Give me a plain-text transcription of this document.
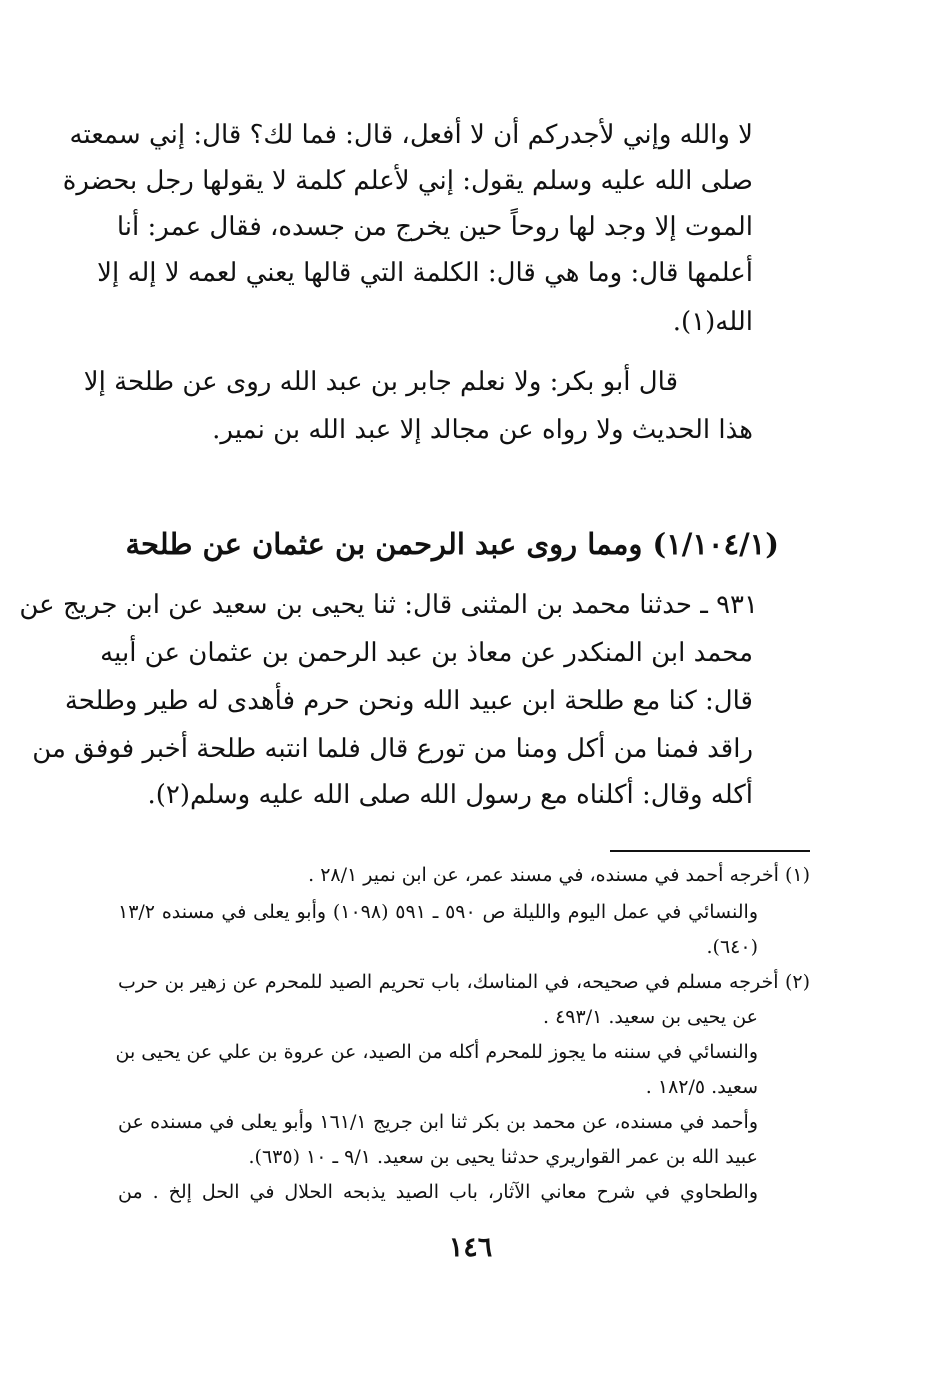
لا والله وإني لأجدركم أن لا أفعل، قال: فما لك؟ قال: إني سمعته
صلى الله عليه وسلم يقول: إني لأعلم كلمة لا يقولها رجل بحضرة
الموت إلا وجد لها روحاً حين يخرج من جسده، فقال عمر: أنا
أعلمها قال: وما هي قال: الكلمة التي قالها يعني لعمه لا إله إلا
الله(١).
قال أبو بكر: ولا نعلم جابر بن عبد الله روى عن طلحة إلا
هذا الحديث ولا رواه عن مجالد إلا عبد الله بن نمير.
(١/١٠٤/١) ومما روى عبد الرحمن بن عثمان عن طلحة
٩٣١ ـ حدثنا محمد بن المثنى قال: ثنا يحيى بن سعيد عن ابن جريج عن
محمد ابن المنكدر عن معاذ بن عبد الرحمن بن عثمان عن أبيه
قال: كنا مع طلحة ابن عبيد الله ونحن حرم فأهدى له طير وطلحة
راقد فمنا من أكل ومنا من تورع قال فلما انتبه طلحة أخبر فوفق من
أكله وقال: أكلناه مع رسول الله صلى الله عليه وسلم(٢).
(١) أخرجه أحمد في مسنده، في مسند عمر، عن ابن نمير ٢٨/١ .
والنسائي في عمل اليوم والليلة ص ٥٩٠ ـ ٥٩١ (١٠٩٨) وأبو يعلى في مسنده ١٣/٢
(٦٤٠).
(٢) أخرجه مسلم في صحيحه، في المناسك، باب تحريم الصيد للمحرم عن زهير بن حرب
عن يحيى بن سعيد. ٤٩٣/١ .
والنسائي في سننه ما يجوز للمحرم أكله من الصيد، عن عروة بن علي عن يحيى بن
سعيد. ١٨٢/٥ .
وأحمد في مسنده، عن محمد بن بكر ثنا ابن جريج ١٦١/١ وأبو يعلى في مسنده عن
عبيد الله بن عمر القواريري حدثنا يحيى بن سعيد. ٩/١ ـ ١٠ (٦٣٥).
والطحاوي في شرح معاني الآثار، باب الصيد يذبحه الحلال في الحل إلخ . من
١٤٦
